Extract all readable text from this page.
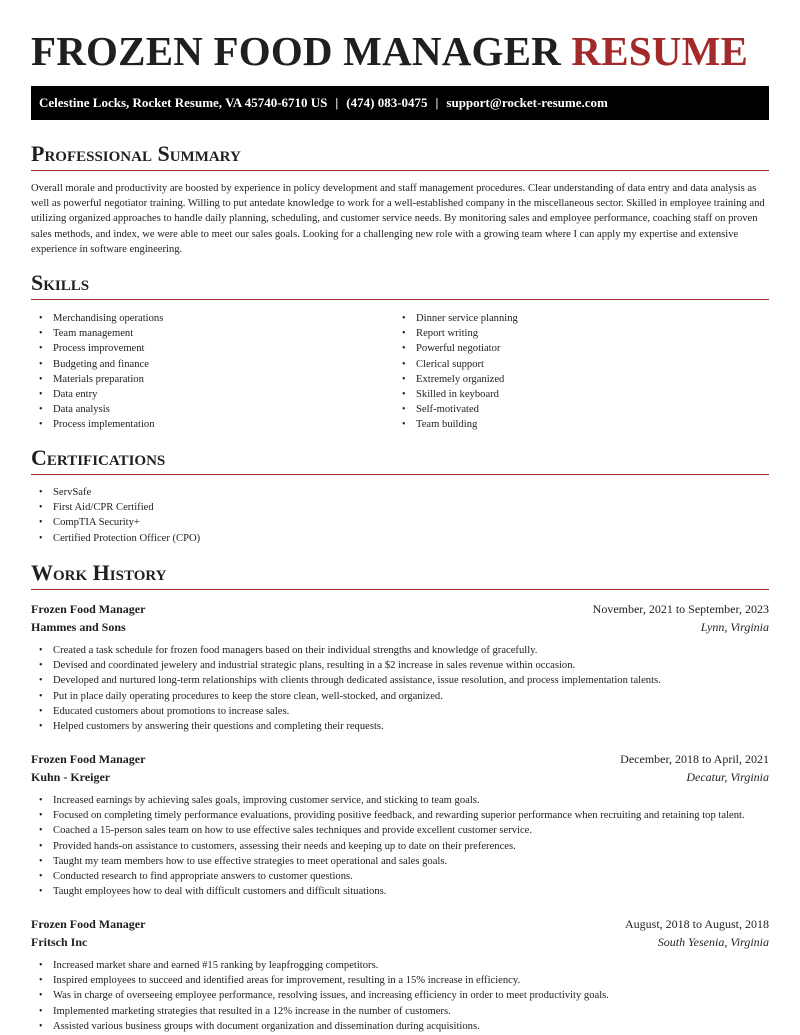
FROZEN FOOD MANAGER RESUME
Celestine Locks, Rocket Resume, VA 45740-6710 US | (474) 083-0475 | support@rocket-resume.com
Professional Summary

Overall morale and productivity are boosted by experience in policy development and staff management procedures. Clear understanding of data entry and data analysis as well as powerful negotiator training. Willing to put antedate knowledge to work for a well-established company in the miscellaneous sector. Skilled in employee training and utilizing organized approaches to handle daily planning, scheduling, and customer service needs. By monitoring sales and employee performance, coaching staff on proven sales methods, and index, we were able to meet our sales goals. Looking for a challenging new role with a growing team where I can apply my expertise and extensive experience in software engineering.

Skills
• Merchandising operations
• Team management
• Process improvement
• Budgeting and finance
• Materials preparation
• Data entry
• Data analysis
• Process implementation
• Dinner service planning
• Report writing
• Powerful negotiator
• Clerical support
• Extremely organized
• Skilled in keyboard
• Self-motivated
• Team building
Certifications
• ServSafe
• First Aid/CPR Certified
• CompTIA Security+
• Certified Protection Officer (CPO)
Work History
Frozen Food Manager	November, 2021 to September, 2023
Hammes and Sons	Lynn, Virginia
• Created a task schedule for frozen food managers based on their individual strengths and knowledge of gracefully.
• Devised and coordinated jewelery and industrial strategic plans, resulting in a $2 increase in sales revenue within occasion.
• Developed and nurtured long-term relationships with clients through dedicated assistance, issue resolution, and process implementation talents.
• Put in place daily operating procedures to keep the store clean, well-stocked, and organized.
• Educated customers about promotions to increase sales.
• Helped customers by answering their questions and completing their requests.
Frozen Food Manager	December, 2018 to April, 2021
Kuhn - Kreiger	Decatur, Virginia
• Increased earnings by achieving sales goals, improving customer service, and sticking to team goals.
• Focused on completing timely performance evaluations, providing positive feedback, and rewarding superior performance when recruiting and retaining top talent.
• Coached a 15-person sales team on how to use effective sales techniques and provide excellent customer service.
• Provided hands-on assistance to customers, assessing their needs and keeping up to date on their preferences.
• Taught my team members how to use effective strategies to meet operational and sales goals.
• Conducted research to find appropriate answers to customer questions.
• Taught employees how to deal with difficult customers and difficult situations.
Frozen Food Manager	August, 2018 to August, 2018
Fritsch Inc	South Yesenia, Virginia
• Increased market share and earned #15 ranking by leapfrogging competitors.
• Inspired employees to succeed and identified areas for improvement, resulting in a 15% increase in efficiency.
• Was in charge of overseeing employee performance, resolving issues, and increasing efficiency in order to meet productivity goals.
• Implemented marketing strategies that resulted in a 12% increase in the number of customers.
• Assisted various business groups with document organization and dissemination during acquisitions.
